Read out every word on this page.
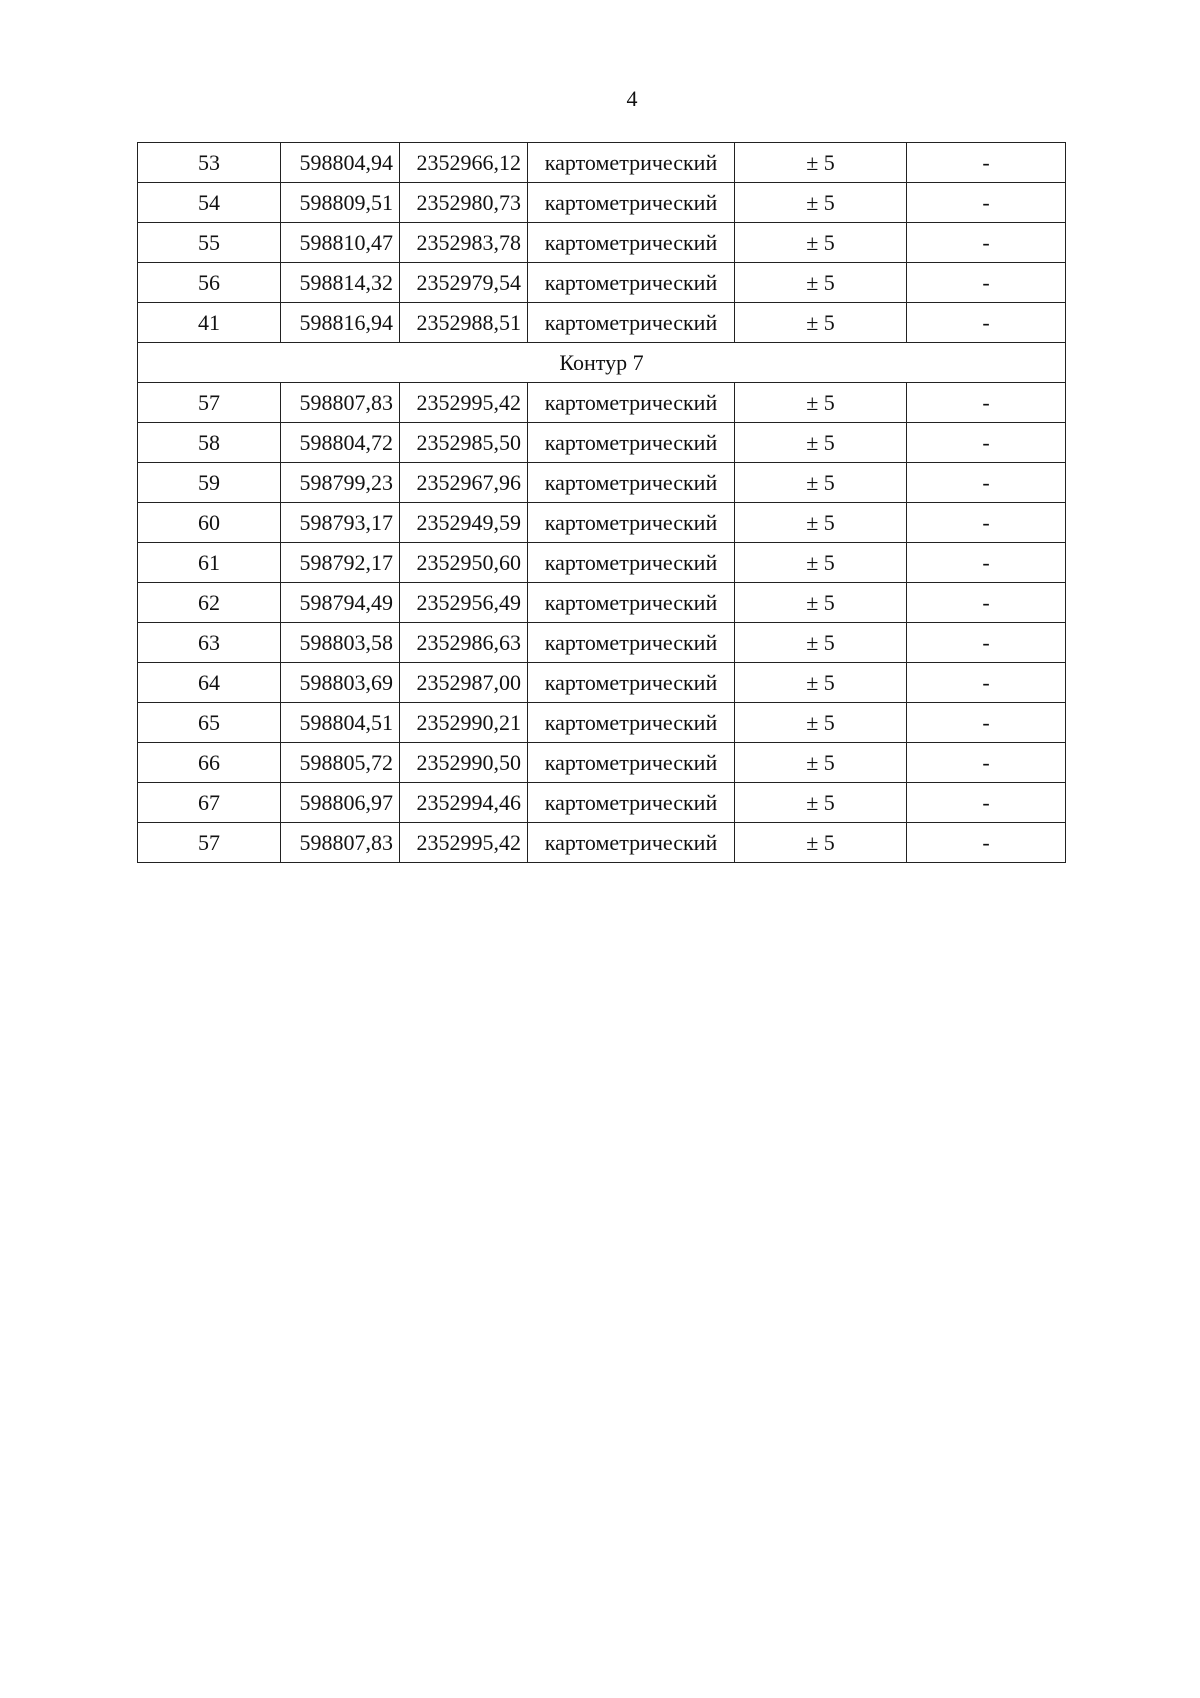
4
53	598804,94	2352966,12	картометрический	± 5	-
54	598809,51	2352980,73	картометрический	± 5	-
55	598810,47	2352983,78	картометрический	± 5	-
56	598814,32	2352979,54	картометрический	± 5	-
41	598816,94	2352988,51	картометрический	± 5	-
Контур 7					
57	598807,83	2352995,42	картометрический	± 5	-
58	598804,72	2352985,50	картометрический	± 5	-
59	598799,23	2352967,96	картометрический	± 5	-
60	598793,17	2352949,59	картометрический	± 5	-
61	598792,17	2352950,60	картометрический	± 5	-
62	598794,49	2352956,49	картометрический	± 5	-
63	598803,58	2352986,63	картометрический	± 5	-
64	598803,69	2352987,00	картометрический	± 5	-
65	598804,51	2352990,21	картометрический	± 5	-
66	598805,72	2352990,50	картометрический	± 5	-
67	598806,97	2352994,46	картометрический	± 5	-
57	598807,83	2352995,42	картометрический	± 5	-
